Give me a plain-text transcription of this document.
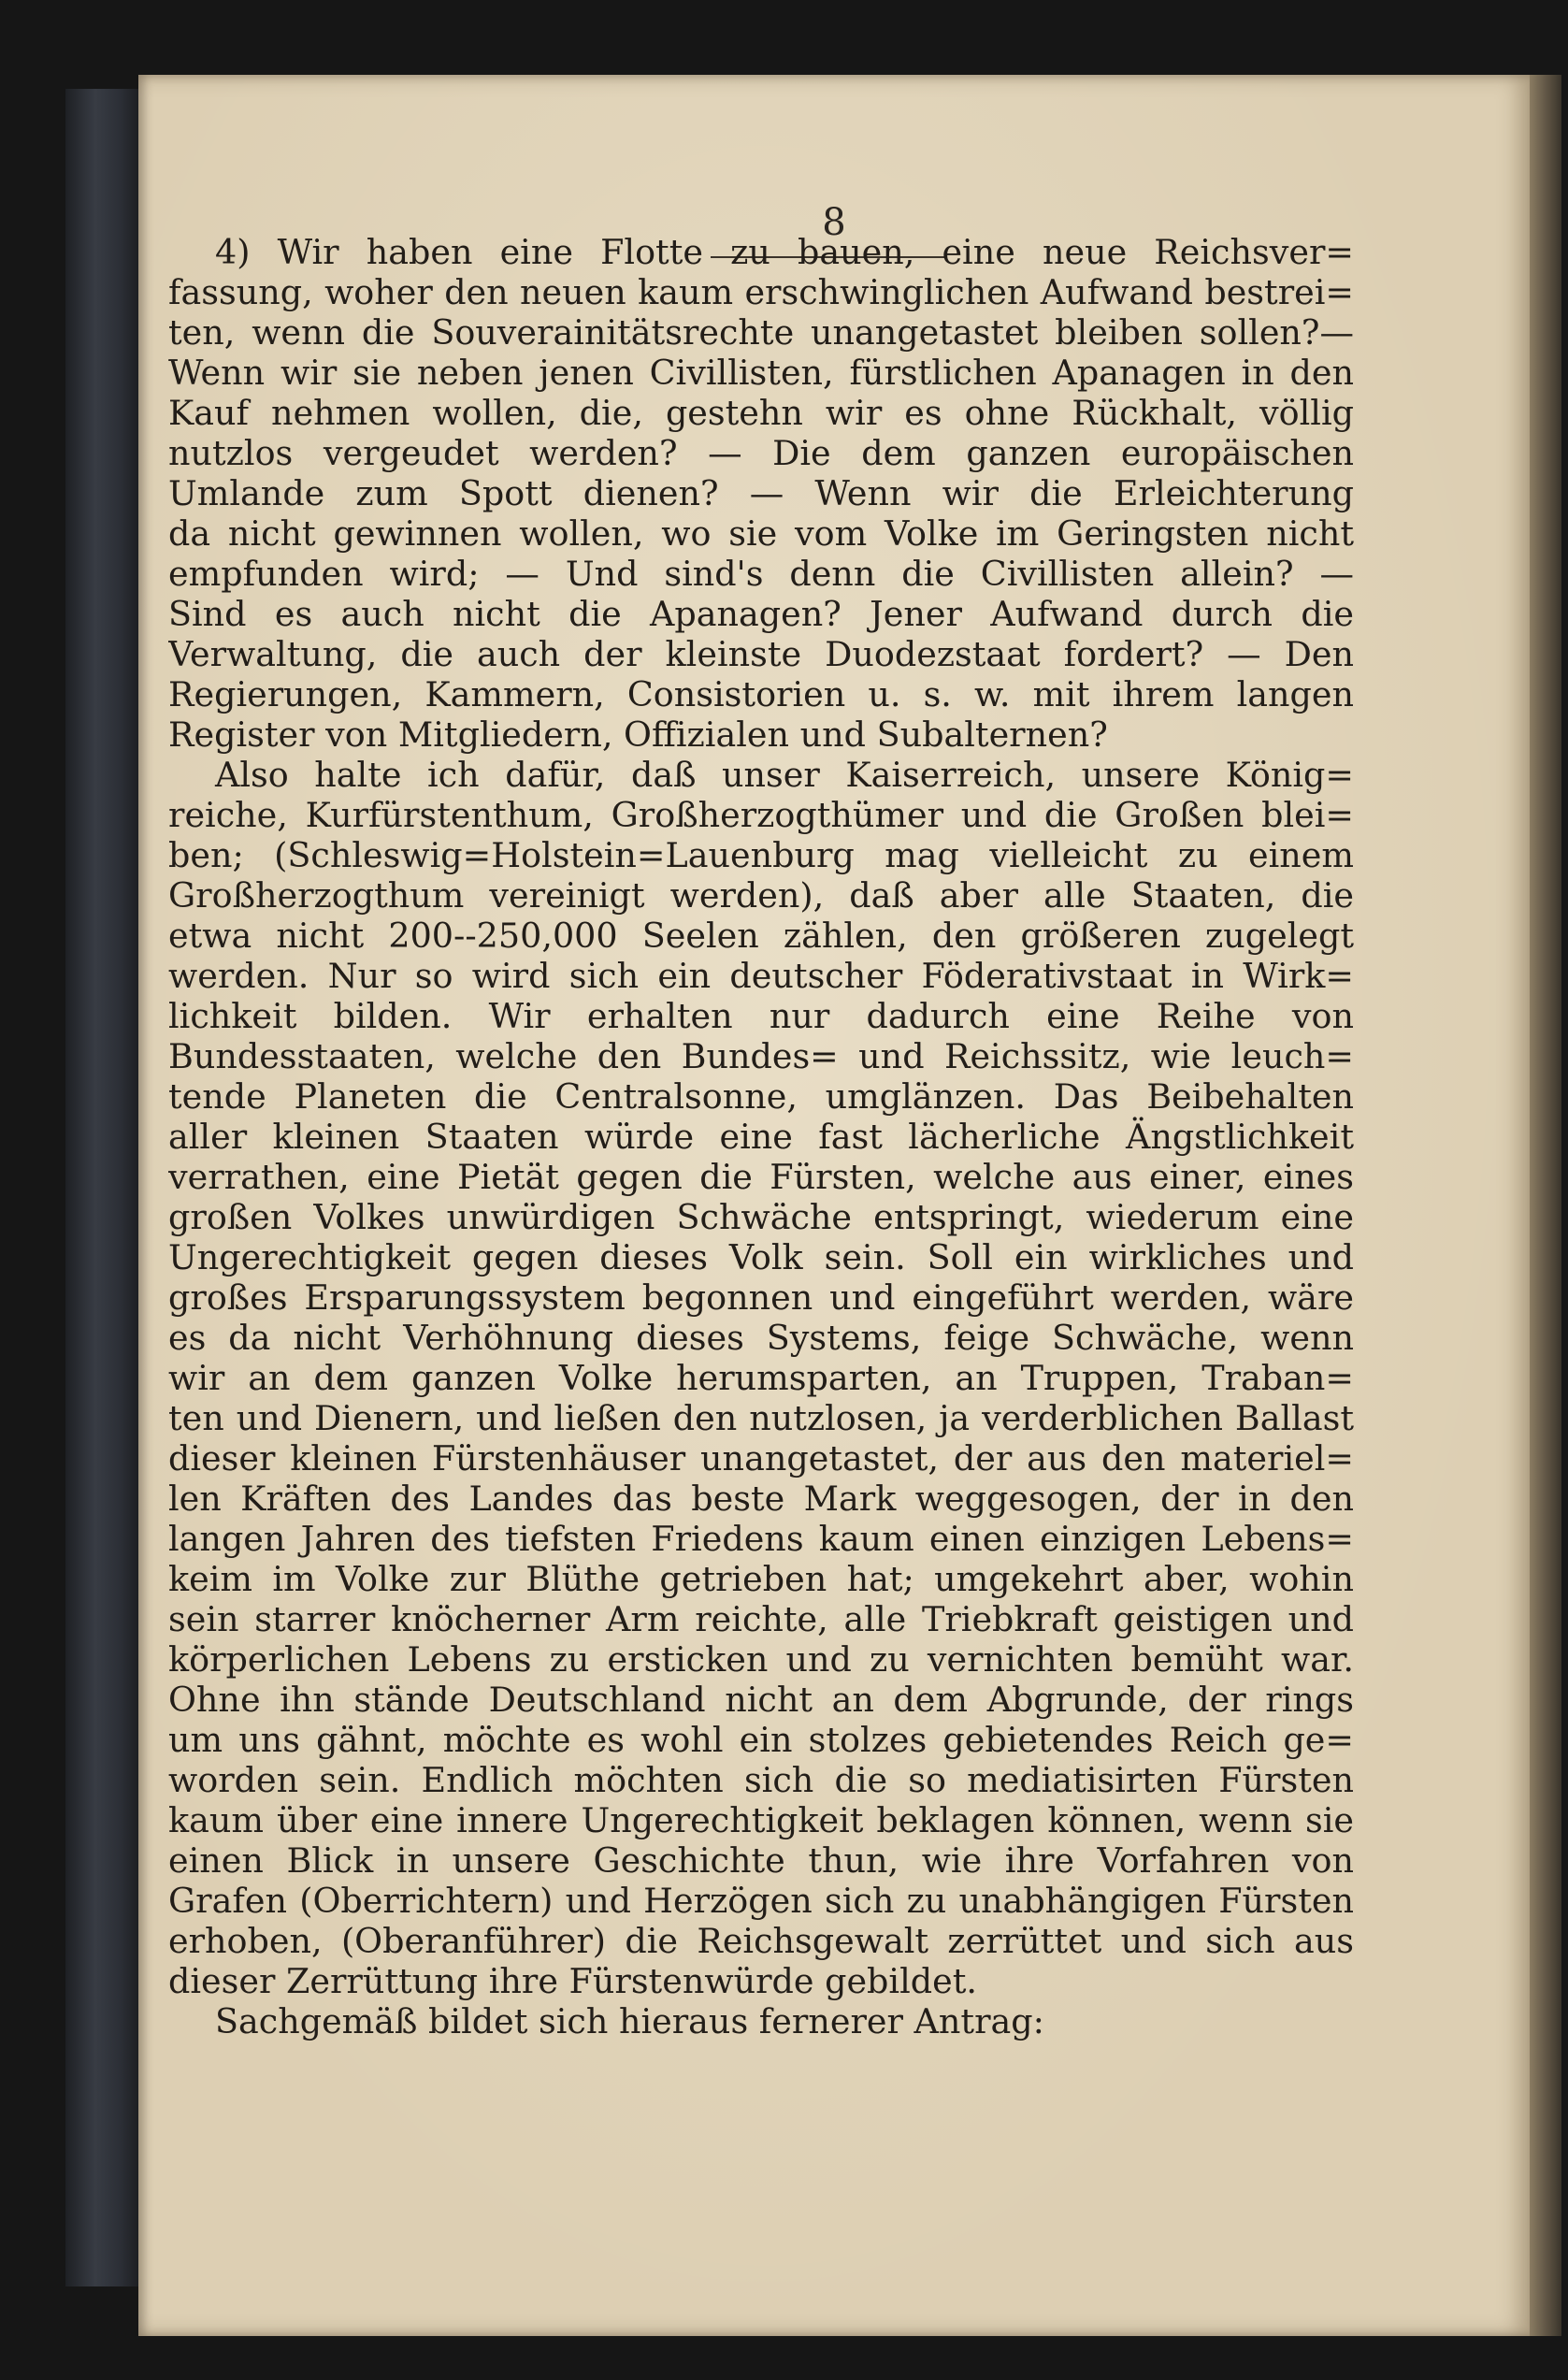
8
4) Wir haben eine Flotte zu bauen, eine neue Reichsver=
fassung, woher den neuen kaum erschwinglichen Aufwand bestrei=
ten, wenn die Souverainitätsrechte unangetastet bleiben sollen?—
Wenn wir sie neben jenen Civillisten, fürstlichen Apanagen in den
Kauf nehmen wollen, die, gestehn wir es ohne Rückhalt, völlig
nutzlos vergeudet werden? — Die dem ganzen europäischen
Umlande zum Spott dienen? — Wenn wir die Erleichterung
da nicht gewinnen wollen, wo sie vom Volke im Geringsten nicht
empfunden wird; — Und sind's denn die Civillisten allein? —
Sind es auch nicht die Apanagen? Jener Aufwand durch die
Verwaltung, die auch der kleinste Duodezstaat fordert? — Den
Regierungen, Kammern, Consistorien u. s. w. mit ihrem langen
Register von Mitgliedern, Offizialen und Subalternen?
Also halte ich dafür, daß unser Kaiserreich, unsere König=
reiche, Kurfürstenthum, Großherzogthümer und die Großen blei=
ben; (Schleswig=Holstein=Lauenburg mag vielleicht zu einem
Großherzogthum vereinigt werden), daß aber alle Staaten, die
etwa nicht 200--250,000 Seelen zählen, den größeren zugelegt
werden. Nur so wird sich ein deutscher Föderativstaat in Wirk=
lichkeit bilden. Wir erhalten nur dadurch eine Reihe von
Bundesstaaten, welche den Bundes= und Reichssitz, wie leuch=
tende Planeten die Centralsonne, umglänzen. Das Beibehalten
aller kleinen Staaten würde eine fast lächerliche Ängstlichkeit
verrathen, eine Pietät gegen die Fürsten, welche aus einer, eines
großen Volkes unwürdigen Schwäche entspringt, wiederum eine
Ungerechtigkeit gegen dieses Volk sein. Soll ein wirkliches und
großes Ersparungssystem begonnen und eingeführt werden, wäre
es da nicht Verhöhnung dieses Systems, feige Schwäche, wenn
wir an dem ganzen Volke herumsparten, an Truppen, Traban=
ten und Dienern, und ließen den nutzlosen, ja verderblichen Ballast
dieser kleinen Fürstenhäuser unangetastet, der aus den materiel=
len Kräften des Landes das beste Mark weggesogen, der in den
langen Jahren des tiefsten Friedens kaum einen einzigen Lebens=
keim im Volke zur Blüthe getrieben hat; umgekehrt aber, wohin
sein starrer knöcherner Arm reichte, alle Triebkraft geistigen und
körperlichen Lebens zu ersticken und zu vernichten bemüht war.
Ohne ihn stände Deutschland nicht an dem Abgrunde, der rings
um uns gähnt, möchte es wohl ein stolzes gebietendes Reich ge=
worden sein. Endlich möchten sich die so mediatisirten Fürsten
kaum über eine innere Ungerechtigkeit beklagen können, wenn sie
einen Blick in unsere Geschichte thun, wie ihre Vorfahren von
Grafen (Oberrichtern) und Herzögen sich zu unabhängigen Fürsten
erhoben, (Oberanführer) die Reichsgewalt zerrüttet und sich aus
dieser Zerrüttung ihre Fürstenwürde gebildet.
Sachgemäß bildet sich hieraus fernerer Antrag:
